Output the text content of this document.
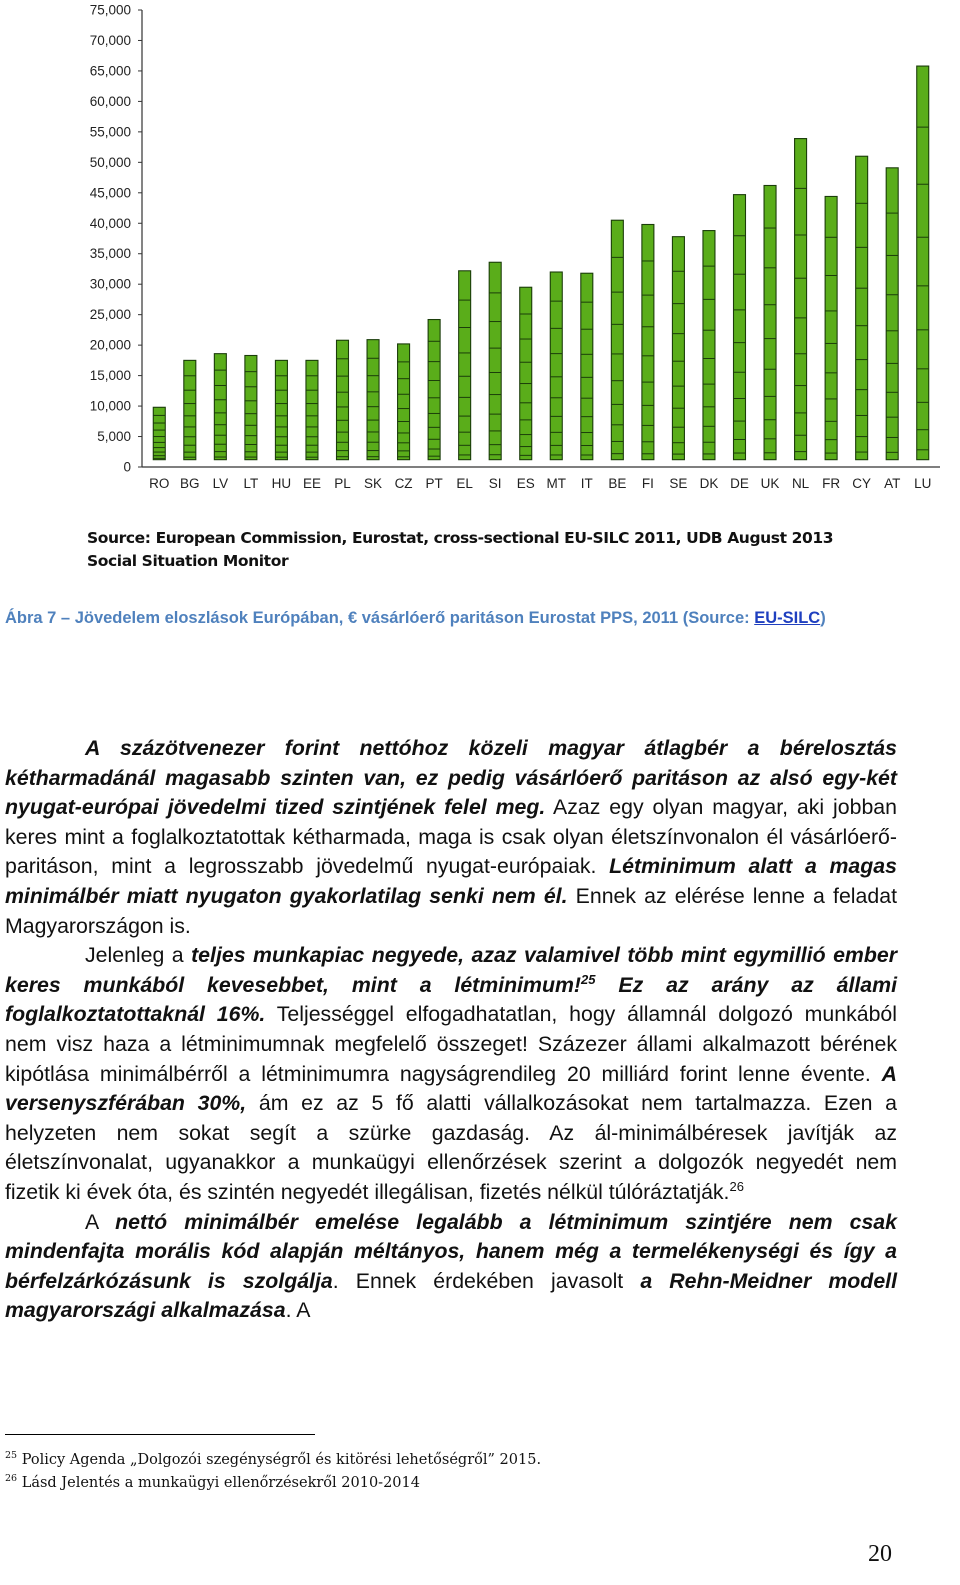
0
5,000
10,000
15,000
20,000
25,000
30,000
35,000
40,000
45,000
50,000
55,000
60,000
65,000
70,000
75,000
RO BG LV LT HU EE PL SK CZ PT EL SI ES MT IT BE FI SE DK DE UK NL FR CY AT LU
Source: European Commission, Eurostat, cross-sectional EU-SILC 2011, UDB August 2013
Social Situation Monitor
Ábra 7 – Jövedelem eloszlások Európában, € vásárlóerő paritáson Eurostat PPS, 2011 (Source: EU-SILC)

A százötvenezer forint nettóhoz közeli magyar átlagbér a bérelosztás kétharmadánál magasabb szinten van, ez pedig vásárlóerő paritáson az alsó egy-két nyugat-európai jövedelmi tized szintjének felel meg. Azaz egy olyan magyar, aki jobban keres mint a foglalkoztatottak kétharmada, maga is csak olyan életszínvonalon él vásárlóerő-paritáson, mint a legrosszabb jövedelmű nyugat-európaiak. Létminimum alatt a magas minimálbér miatt nyugaton gyakorlatilag senki nem él. Ennek az elérése lenne a feladat Magyarországon is.

Jelenleg a teljes munkapiac negyede, azaz valamivel több mint egymillió ember keres munkából kevesebbet, mint a létminimum!$^{25}$ Ez az arány az állami foglalkoztatottaknál 16%. Teljességgel elfogadhatatlan, hogy államnál dolgozó munkából nem visz haza a létminimumnak megfelelő összeget! Százezer állami alkalmazott bérének kipótlása minimálbérről a létminimumra nagyságrendileg 20 milliárd forint lenne évente. A versenyszférában 30%, ám ez az 5 fő alatti vállalkozásokat nem tartalmazza. Ezen a helyzeten nem sokat segít a szürke gazdaság. Az ál-minimálbéresek javítják az életszínvonalat, ugyanakkor a munkaügyi ellenőrzések szerint a dolgozók negyedét nem fizetik ki évek óta, és szintén negyedét illegálisan, fizetés nélkül túlóráztatják.$^{26}$

A nettó minimálbér emelése legalább a létminimum szintjére nem csak mindenfajta morális kód alapján méltányos, hanem még a termelékenységi és így a bérfelzárkózásunk is szolgálja. Ennek érdekében javasolt a Rehn-Meidner modell magyarországi alkalmazása. A

$^{25}$ Policy Agenda „Dolgozói szegénységről és kitörési lehetőségről” 2015.
$^{26}$ Lásd Jelentés a munkaügyi ellenőrzésekről 2010-2014
20
